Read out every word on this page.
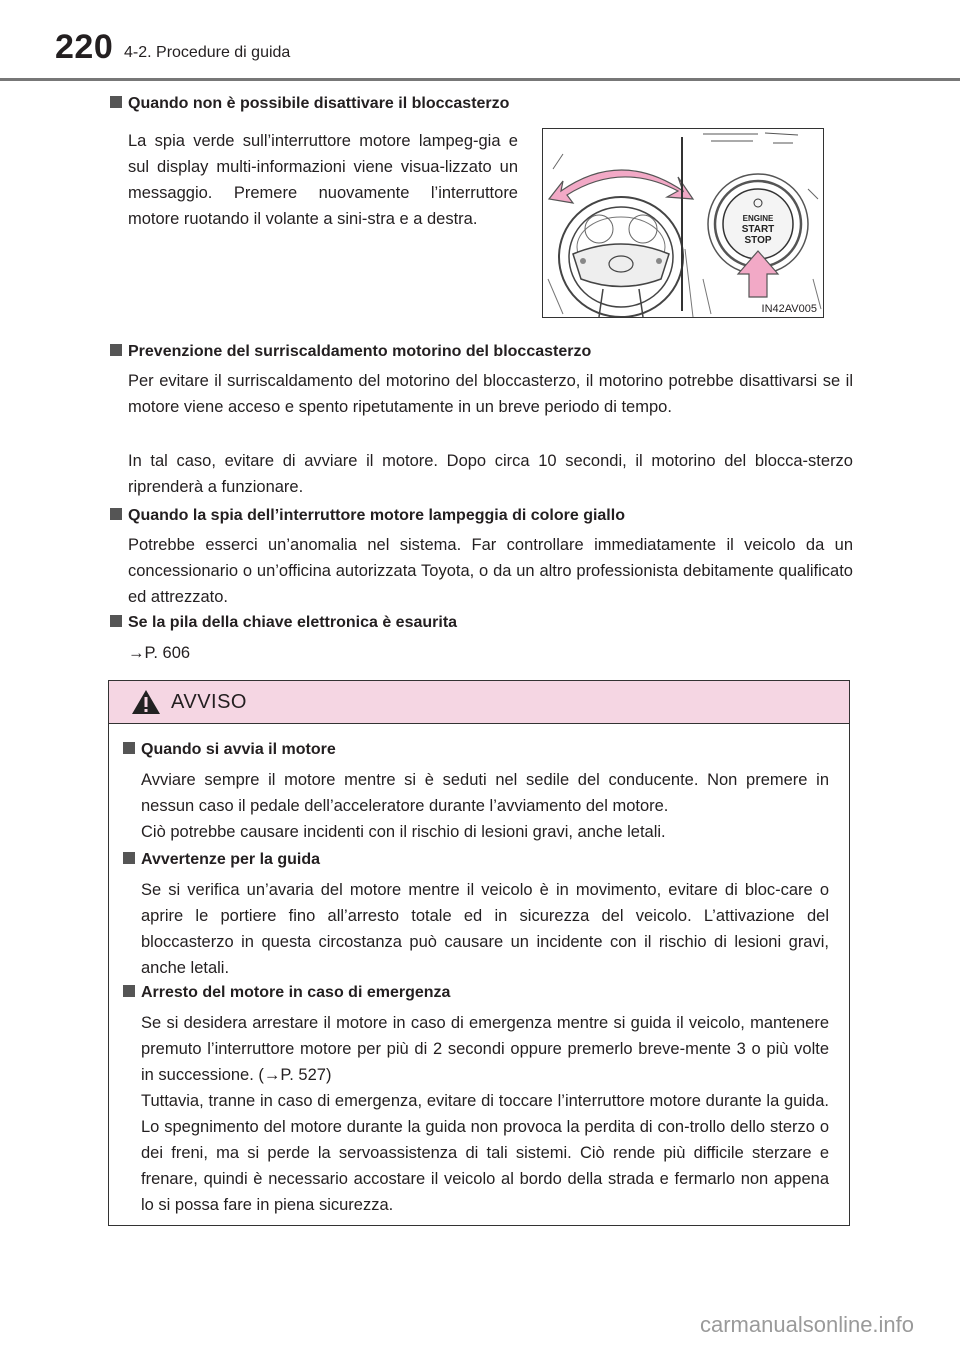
220 4-2. Procedure di guida
Quando non è possibile disattivare il bloccasterzo
La spia verde sull’interruttore motore lampeg-gia e sul display multi-informazioni viene visua-lizzato un messaggio. Premere nuovamente l’interruttore motore ruotando il volante a sini-stra e a destra.	ENGINE
START
STOP
IN42AV005
Prevenzione del surriscaldamento motorino del bloccasterzo
Per evitare il surriscaldamento del motorino del bloccasterzo, il motorino potrebbe disattivarsi se il motore viene acceso e spento ripetutamente in un breve periodo di tempo.
In tal caso, evitare di avviare il motore. Dopo circa 10 secondi, il motorino del blocca-sterzo riprenderà a funzionare.
Quando la spia dell’interruttore motore lampeggia di colore giallo
Potrebbe esserci un’anomalia nel sistema. Far controllare immediatamente il veicolo da un concessionario o un’officina autorizzata Toyota, o da un altro professionista debitamente qualificato ed attrezzato.
Se la pila della chiave elettronica è esaurita
→P. 606
AVVISO
Quando si avvia il motore
Avviare sempre il motore mentre si è seduti nel sedile del conducente. Non premere in nessun caso il pedale dell’acceleratore durante l’avviamento del motore.
Ciò potrebbe causare incidenti con il rischio di lesioni gravi, anche letali.
Avvertenze per la guida
Se si verifica un’avaria del motore mentre il veicolo è in movimento, evitare di bloc-care o aprire le portiere fino all’arresto totale ed in sicurezza del veicolo. L’attivazione del bloccasterzo in questa circostanza può causare un incidente con il rischio di lesioni gravi, anche letali.
Arresto del motore in caso di emergenza
Se si desidera arrestare il motore in caso di emergenza mentre si guida il veicolo, mantenere premuto l’interruttore motore per più di 2 secondi oppure premerlo breve-mente 3 o più volte in successione. (→P. 527)
Tuttavia, tranne in caso di emergenza, evitare di toccare l’interruttore motore durante la guida. Lo spegnimento del motore durante la guida non provoca la perdita di con-trollo dello sterzo o dei freni, ma si perde la servoassistenza di tali sistemi. Ciò rende più difficile sterzare e frenare, quindi è necessario accostare il veicolo al bordo della strada e fermarlo non appena lo si possa fare in piena sicurezza.
carmanualsonline.info
